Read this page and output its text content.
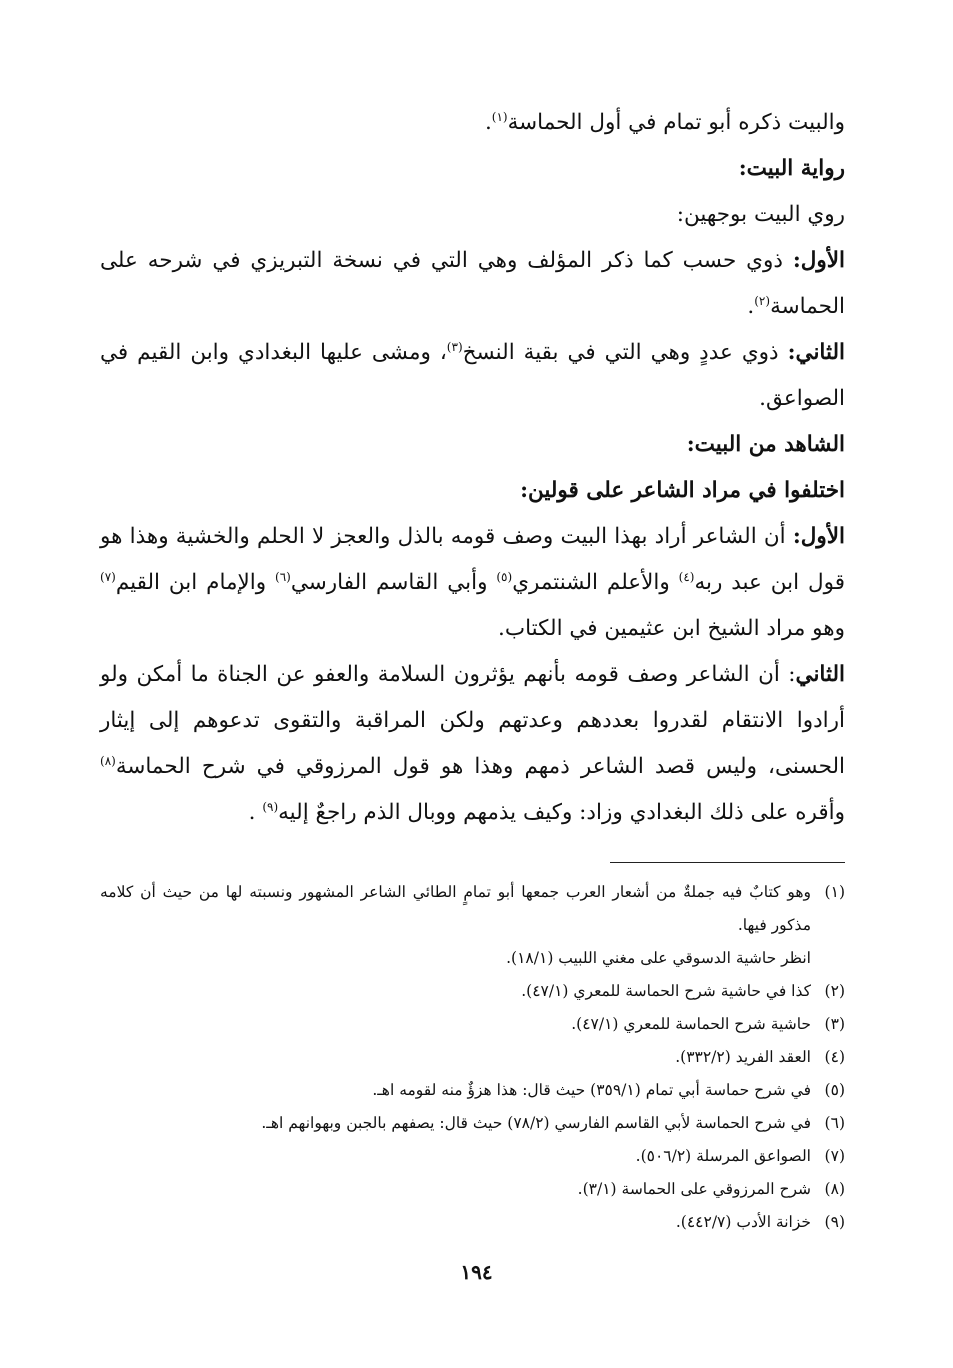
والبيت ذكره أبو تمام في أول الحماسة$^{(١)}$.

رواية البيت:

روي البيت بوجهين:

الأول: ذوي حسب كما ذكر المؤلف وهي التي في نسخة التبريزي في شرحه على الحماسة$^{(٢)}$.

الثاني: ذوي عددٍ وهي التي في بقية النسخ$^{(٣)}$، ومشى عليها البغدادي وابن القيم في الصواعق.

الشاهد من البيت:

اختلفوا في مراد الشاعر على قولين:

الأول: أن الشاعر أراد بهذا البيت وصف قومه بالذل والعجز لا الحلم والخشية وهذا هو قول ابن عبد ربه$^{(٤)}$ والأعلم الشنتمري$^{(٥)}$ وأبي القاسم الفارسي$^{(٦)}$ والإمام ابن القيم$^{(٧)}$ وهو مراد الشيخ ابن عثيمين في الكتاب.

الثاني: أن الشاعر وصف قومه بأنهم يؤثرون السلامة والعفو عن الجناة ما أمكن ولو أرادوا الانتقام لقدروا بعددهم وعدتهم ولكن المراقبة والتقوى تدعوهم إلى إيثار الحسنى، وليس قصد الشاعر ذمهم وهذا هو قول المرزوقي في شرح الحماسة$^{(٨)}$ وأقره على ذلك البغدادي وزاد: وكيف يذمهم ووبال الذم راجعٌ إليه$^{(٩)}$ .

(١)
وهو كتابٌ فيه جملةٌ من أشعار العرب جمعها أبو تمامٍ الطائي الشاعر المشهور ونسبته لها من حيث أن كلامه مذكور فيها.
انظر حاشية الدسوقي على مغني اللبيب (١٨/١).
(٢)
كذا في حاشية شرح الحماسة للمعري (٤٧/١).
(٣)
حاشية شرح الحماسة للمعري (٤٧/١).
(٤)
العقد الفريد (٣٣٢/٢).
(٥)
في شرح حماسة أبي تمام (٣٥٩/١) حيث قال: هذا هزؤٌ منه لقومه اهـ.
(٦)
في شرح الحماسة لأبي القاسم الفارسي (٧٨/٢) حيث قال: يصفهم بالجبن وبهوانهم اهـ.
(٧)
الصواعق المرسلة (٥٠٦/٢).
(٨)
شرح المرزوقي على الحماسة (٣/١).
(٩)
خزانة الأدب (٤٤٢/٧).
١٩٤
